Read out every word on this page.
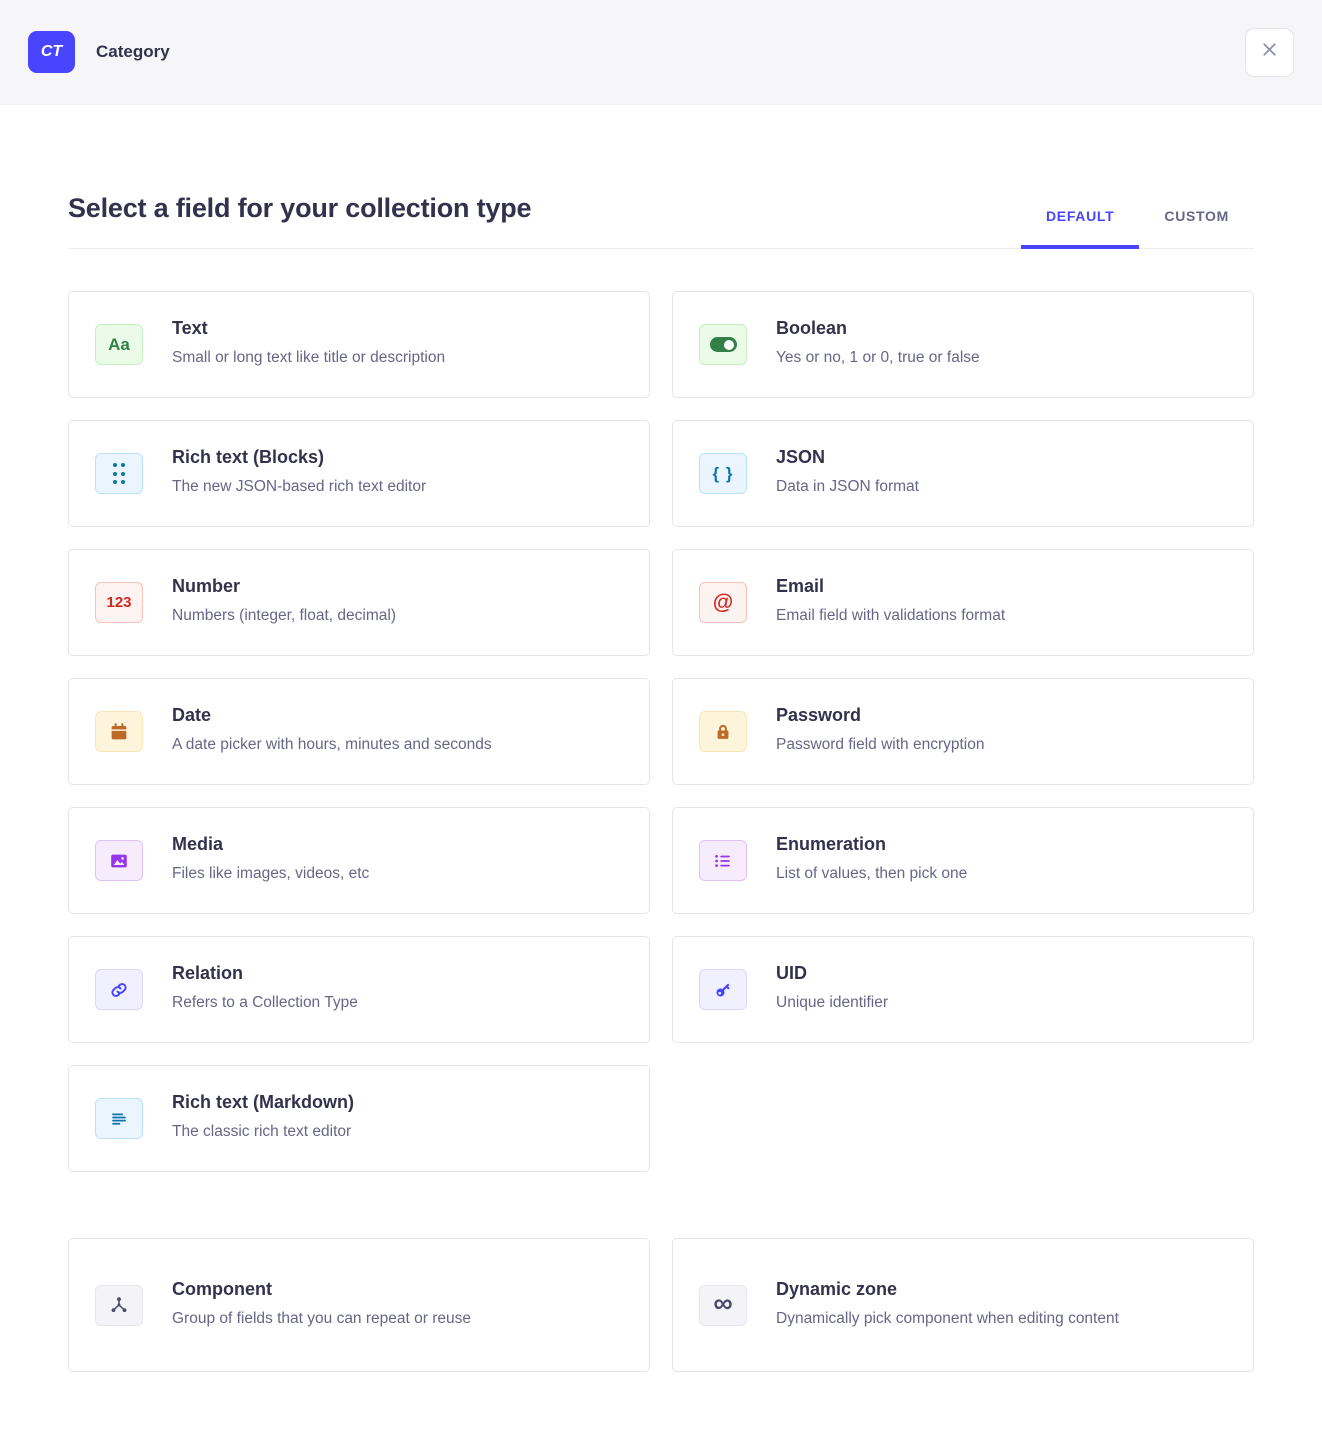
CT	Category
Select a field for your collection type	DEFAULT	CUSTOM
Aa
Text
Small or long text like title or description
Boolean
Yes or no, 1 or 0, true or false
Rich text (Blocks)
The new JSON-based rich text editor
{ }
JSON
Data in JSON format
123
Number
Numbers (integer, float, decimal)
@
Email
Email field with validations format
Date
A date picker with hours, minutes and seconds
Password
Password field with encryption
Media
Files like images, videos, etc
Enumeration
List of values, then pick one
Relation
Refers to a Collection Type
UID
Unique identifier
Rich text (Markdown)
The classic rich text editor
Component
Group of fields that you can repeat or reuse
∞ Dynamic zone
Dynamically pick component when editing content
